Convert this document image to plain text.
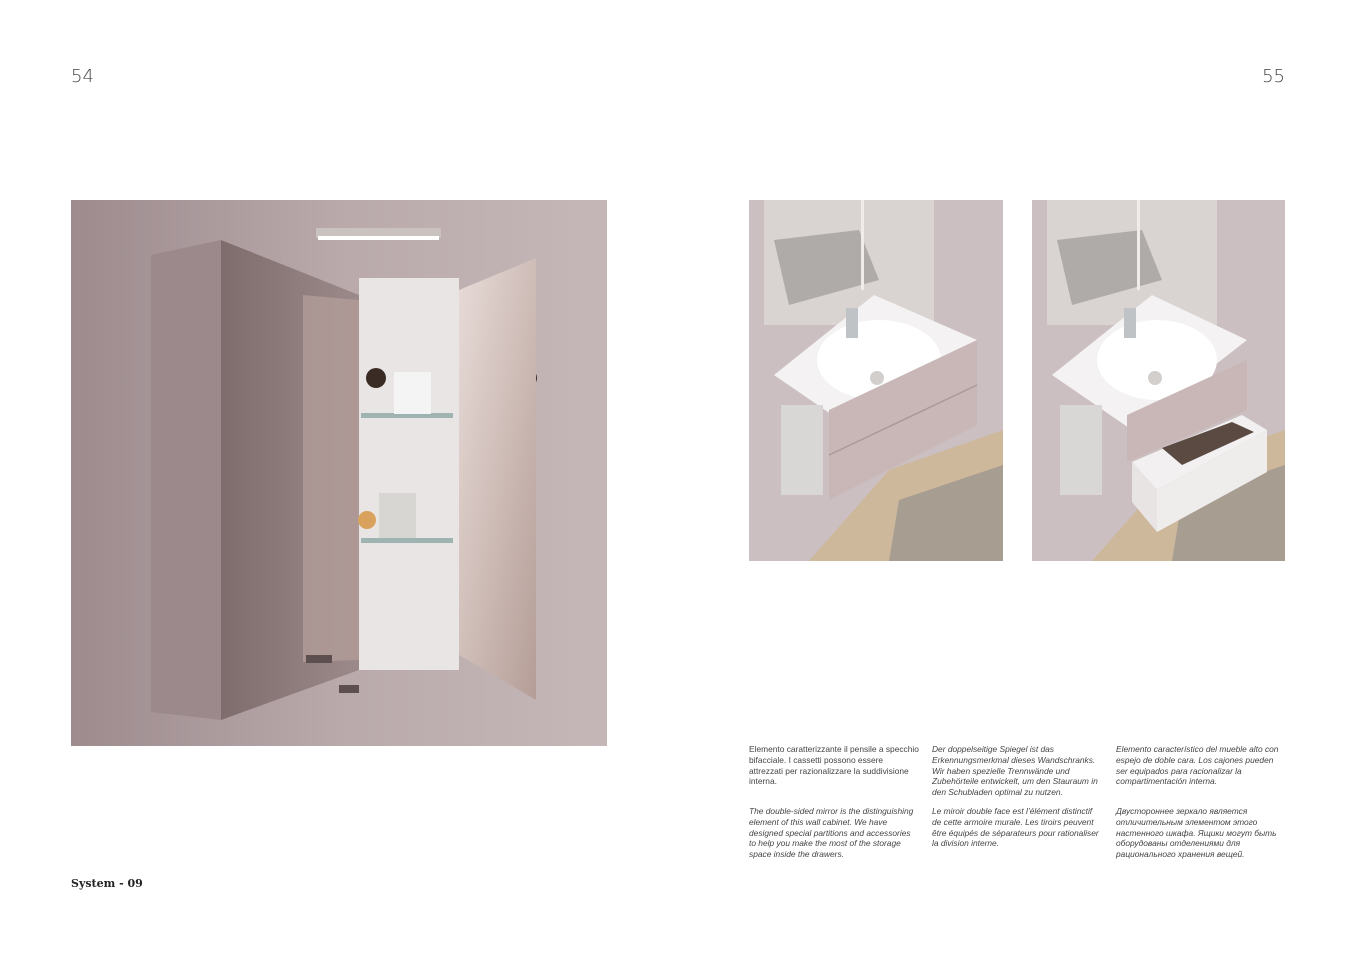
54	55
Elemento caratterizzante il pensile a specchio bifacciale. I cassetti possono essere attrezzati per razionalizzare la suddivisione interna.
Der doppelseitige Spiegel ist das Erkennungsmerkmal dieses Wandschranks. Wir haben spezielle Trennwände und Zubehörteile entwickelt, um den Stauraum in den Schubladen optimal zu nutzen.
Elemento característico del mueble alto con espejo de doble cara. Los cajones pueden ser equipados para racionalizar la compartimentación interna.
The double-sided mirror is the distinguishing element of this wall cabinet. We have designed special partitions and accessories to help you make the most of the storage space inside the drawers.
Le miroir double face est l’élément distinctif de cette armoire murale. Les tiroirs peuvent être équipés de séparateurs pour rationaliser la division interne.
Двустороннее зеркало является отличительным элементом этого настенного шкафа. Ящики могут быть оборудованы отделениями для рационального хранения вещей.
System - 09
